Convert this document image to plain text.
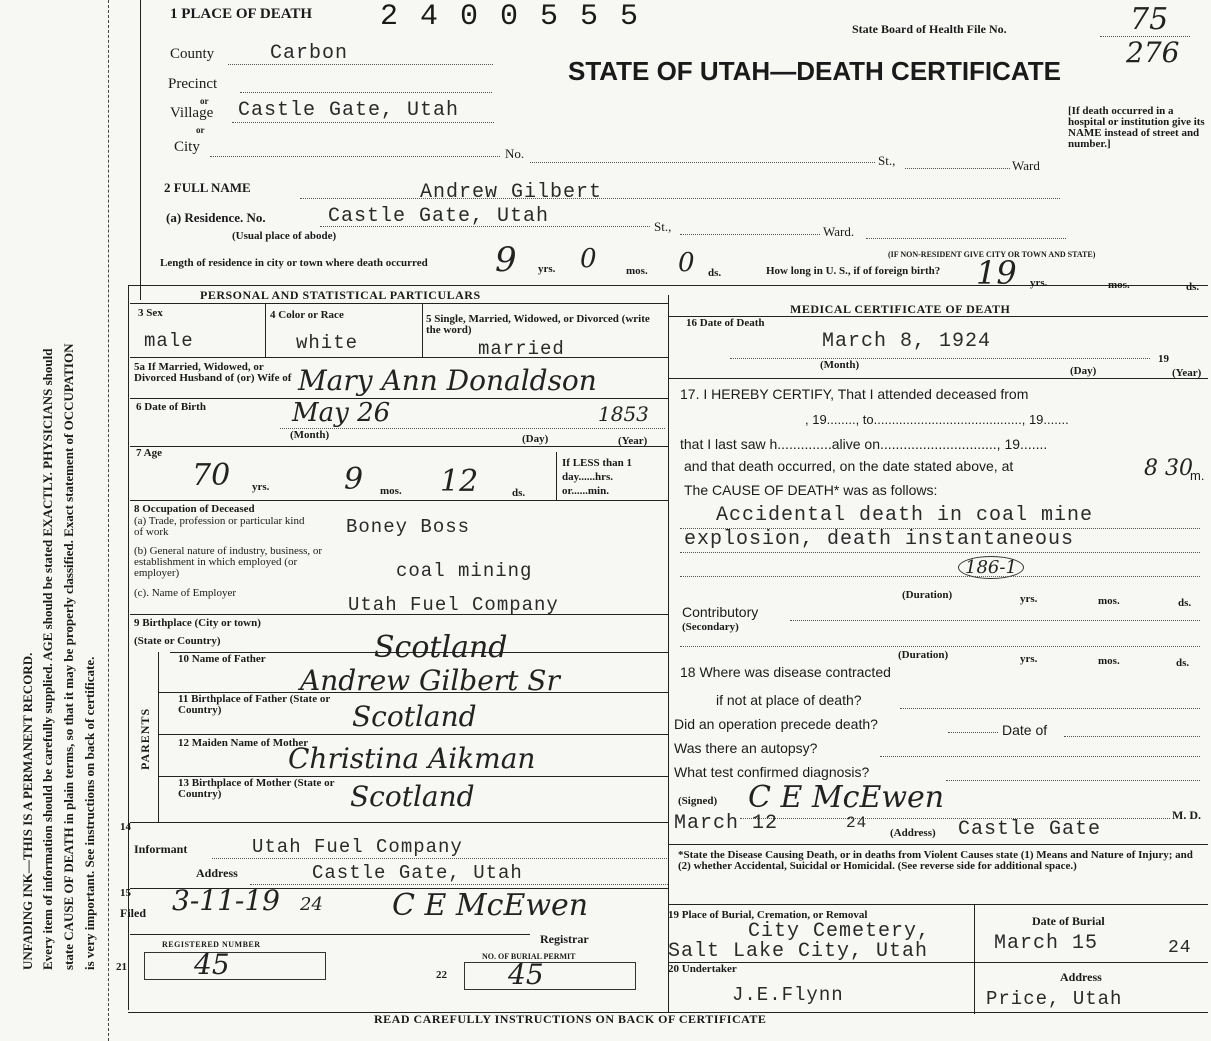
Every item of information should be carefully supplied. AGE should be stated EXACTLY. PHYSICIANS should state CAUSE OF DEATH in plain terms, so that it may be properly classified. Exact statement of OCCUPATION is very important. See instructions on back of certificate.
UNFADING INK—THIS IS A PERMANENT RECORD.
1 PLACE OF DEATH 2 4 0 0 5 5 5	State Board of Health File No.	75
276
STATE OF UTAH—DEATH CERTIFICATE
[If death occurred in a hospital or institution give its NAME instead of street and number.]
County	Carbon
Precinct
or
Village Castle Gate, Utah
or
City	No.	St.,	Ward
2 FULL NAME	Andrew Gilbert
(a) Residence. No.	Castle Gate, Utah	St.,	Ward.
(Usual place of abode)
(IF NON-RESIDENT GIVE CITY OR TOWN AND STATE)
Length of residence in city or town where death occurred 9 yrs. 0	mos. 0 ds.	How long in U. S., if of foreign birth? 19 yrs.	mos.	ds.
PERSONAL AND STATISTICAL PARTICULARS
3 Sex
male
4 Color or Race
white
5 Single, Married, Widowed, or Divorced (write the word)
married
5a If Married, Widowed, or Divorced Husband of (or) Wife of Mary Ann Donaldson
6 Date of Birth	May 26	1853
(Month)	(Day)	(Year)
7 Age
70 yrs. 9 mos. 12	ds.
If LESS than 1 day......hrs. or......min.
8 Occupation of Deceased
(a) Trade, profession or particular kind of work	Boney Boss
(b) General nature of industry, business, or establishment in which employed (or employer)	coal mining
(c). Name of Employer
Utah Fuel Company
9 Birthplace (City or town)
(State or Country)	Scotland
PARENTS
10 Name of Father
Andrew Gilbert Sr
11 Birthplace of Father (State or Country)	Scotland
12 Maiden Name of Mother
Christina Aikman
13 Birthplace of Mother (State or Country)	Scotland
14
Informant	Utah Fuel Company
Address	Castle Gate, Utah
15
Filed 3-11-19 24 C E McEwen
Registrar
REGISTERED NUMBER
21 45	NO. OF BURIAL PERMIT
22 45
MEDICAL CERTIFICATE OF DEATH
16 Date of Death
March 8, 1924
(Month)	19
(Day)	(Year)
17. I HEREBY CERTIFY, That I attended deceased from
, 19........, to........................................., 19.......
that I last saw h..............alive on.............................., 19.......
and that death occurred, on the date stated above, at	8 30
m.
The CAUSE OF DEATH* was as follows:
Accidental death in coal mine
explosion, death instantaneous
186-1
(Duration)	yrs.	mos.	ds.
Contributory
(Secondary)
(Duration)	yrs.	mos.	ds.
18 Where was disease contracted
if not at place of death?
Did an operation precede death?	Date of
Was there an autopsy?
What test confirmed diagnosis?
(Signed) C E McEwen	M. D.
March 12	24
(Address) Castle Gate
*State the Disease Causing Death, or in deaths from Violent Causes state (1) Means and Nature of Injury; and (2) whether Accidental, Suicidal or Homicidal. (See reverse side for additional space.)
19 Place of Burial, Cremation, or Removal
City Cemetery,
Salt Lake City, Utah
Date of Burial
March 15	24
20 Undertaker
J.E.Flynn
Address
Price, Utah
READ CAREFULLY INSTRUCTIONS ON BACK OF CERTIFICATE
